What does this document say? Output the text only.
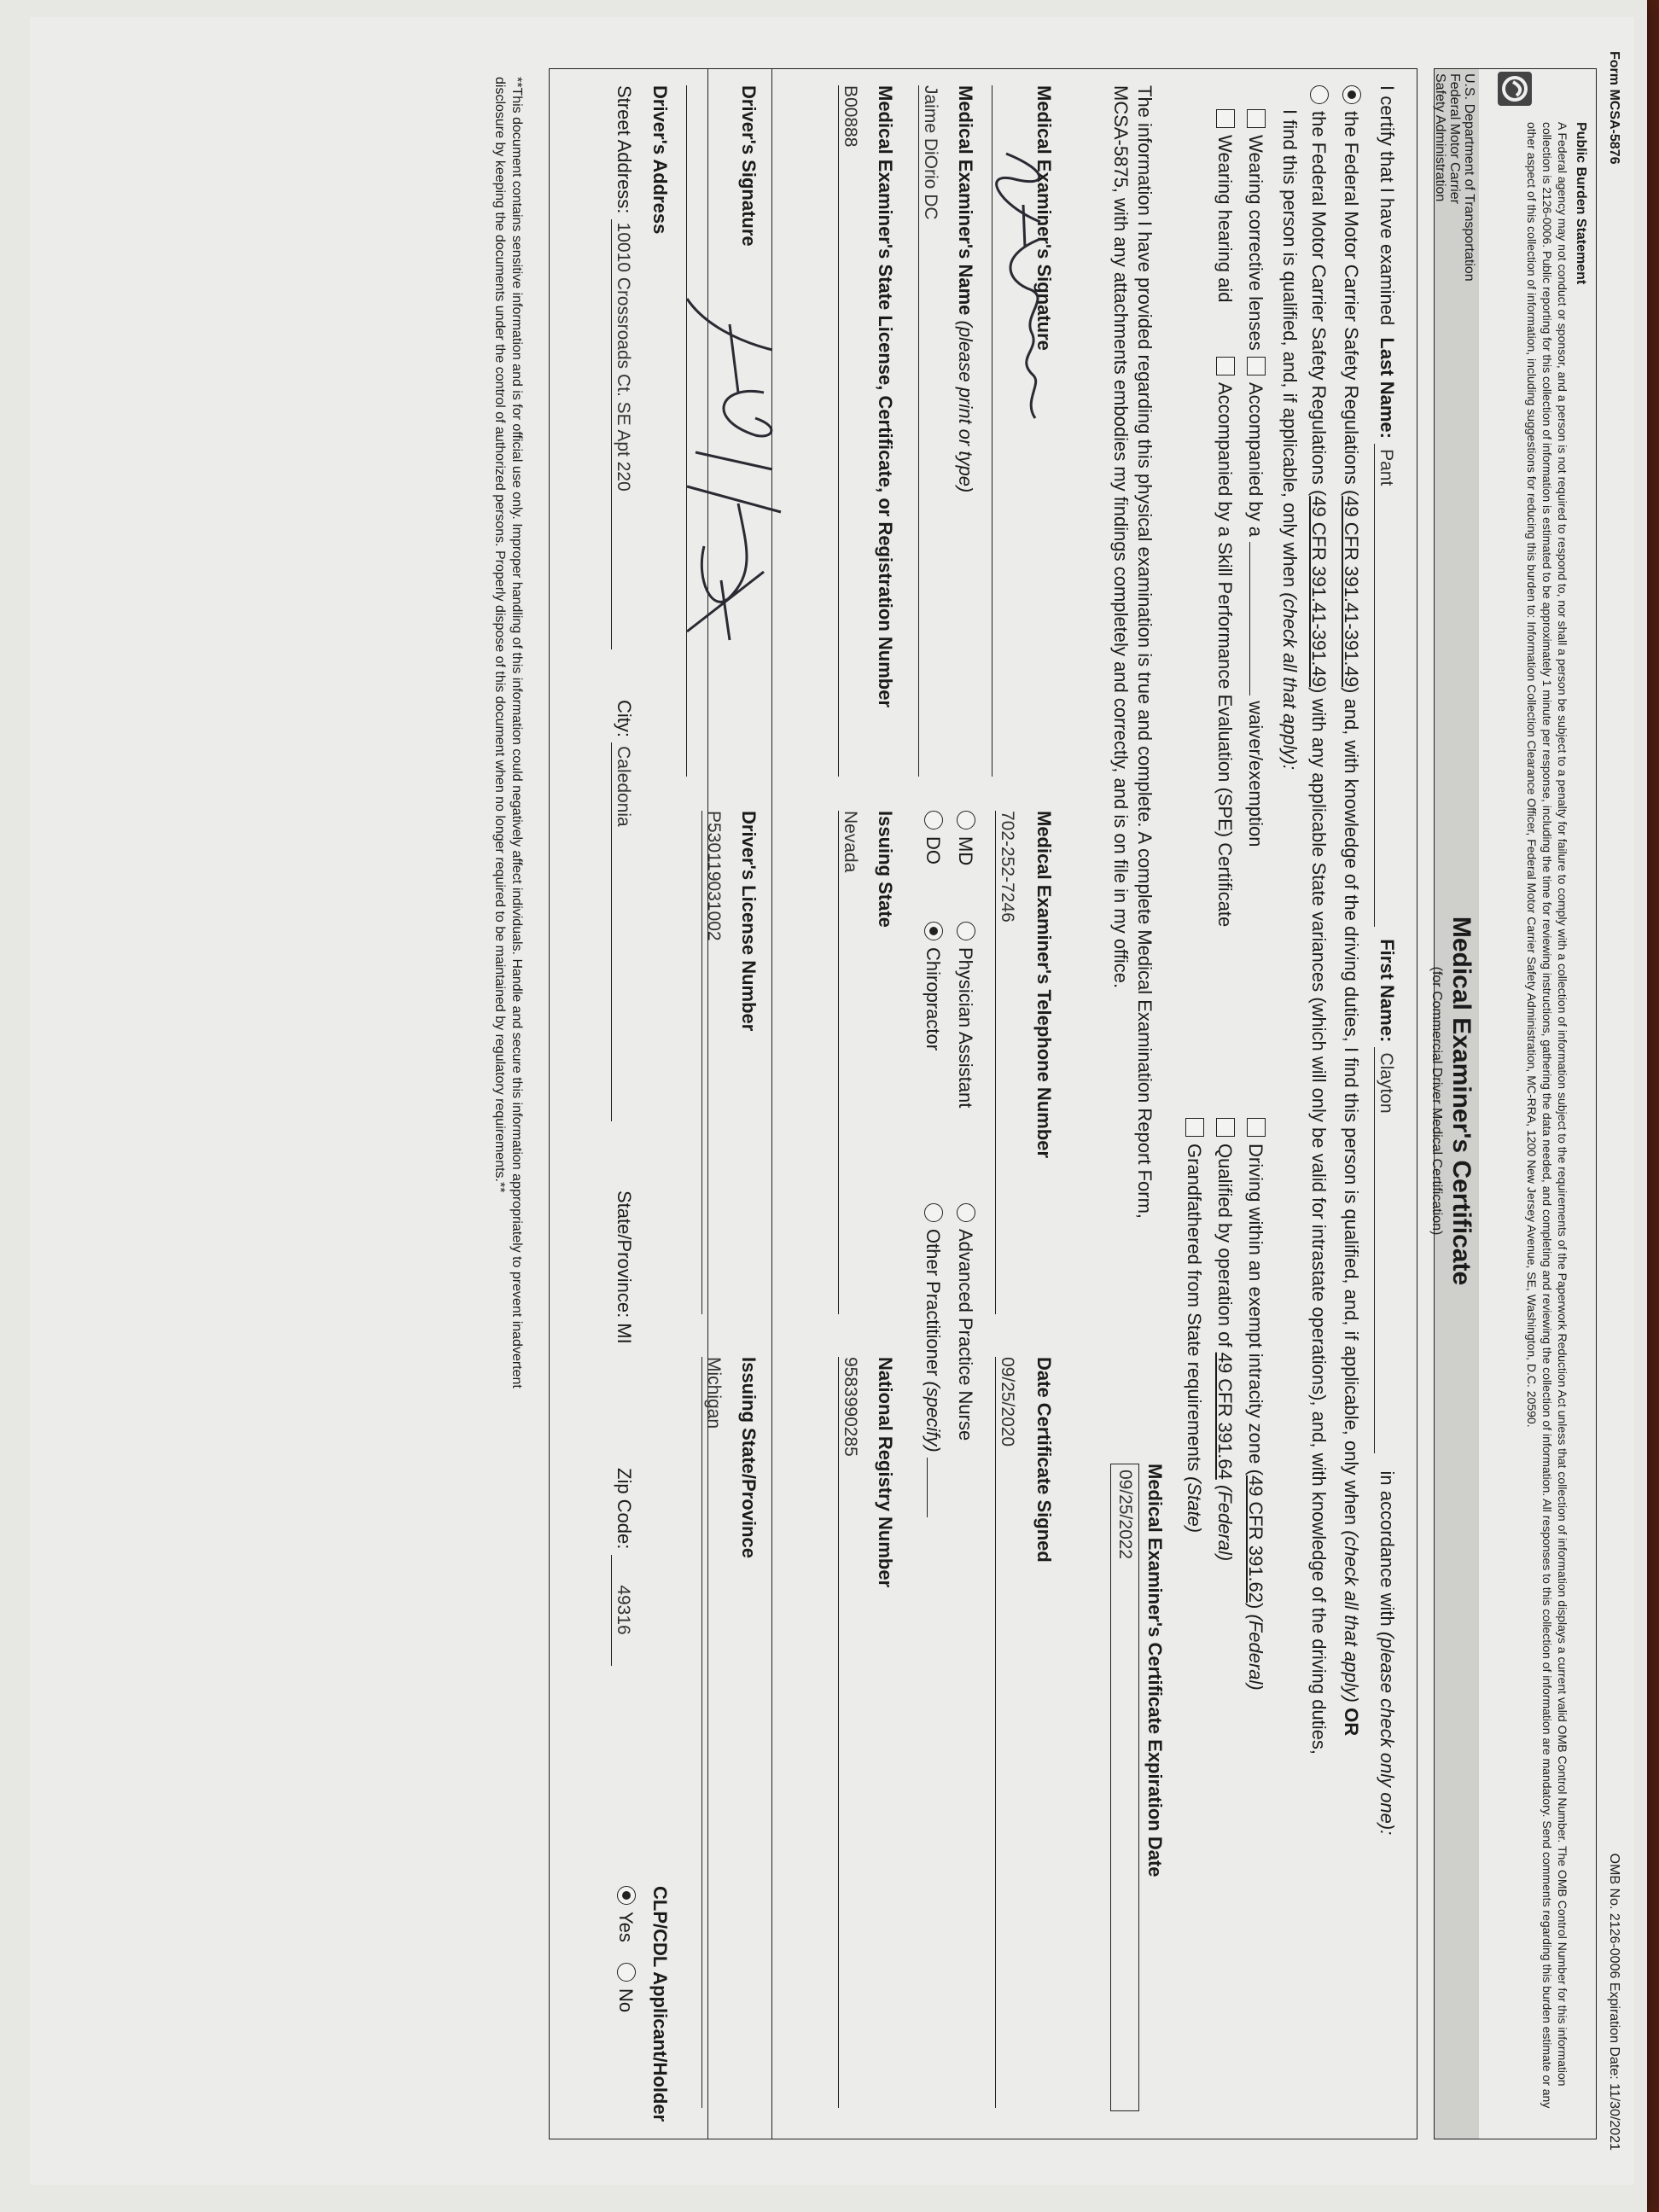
Form MCSA-5876
OMB No. 2126-0006 Expiration Date: 11/30/2021
Public Burden Statement
A Federal agency may not conduct or sponsor, and a person is not required to respond to, nor shall a person be subject to a penalty for failure to comply with a collection of information subject to the requirements of the Paperwork Reduction Act unless that collection of information displays a current valid OMB Control Number. The OMB Control Number for this information collection is 2126-0006. Public reporting for this collection of information is estimated to be approximately 1 minute per response, including the time for reviewing instructions, gathering the data needed, and completing and reviewing the collection of information. All responses to this collection of information are mandatory. Send comments regarding this burden estimate or any other aspect of this collection of information, including suggestions for reducing this burden to: Information Collection Clearance Officer, Federal Motor Carrier Safety Administration, MC-RRA, 1200 New Jersey Avenue, SE, Washington, D.C. 20590.
U.S. Department of Transportation
Federal Motor Carrier
Safety Administration
Medical Examiner's Certificate
(for Commercial Driver Medical Certification)
I certify that I have examined Last Name: Pant First Name: Clayton in accordance with (please check only one):
the Federal Motor Carrier Safety Regulations (49 CFR 391.41-391.49) and, with knowledge of the driving duties, I find this person is qualified, and, if applicable, only when (check all that apply) OR
the Federal Motor Carrier Safety Regulations (49 CFR 391.41-391.49) with any applicable State variances (which will only be valid for intrastate operations), and, with knowledge of the driving duties,
I find this person is qualified, and, if applicable, only when (check all that apply):
Wearing corrective lenses
Wearing hearing aid
Accompanied by a  waiver/exemption
Accompanied by a Skill Performance Evaluation (SPE) Certificate
Driving within an exempt intracity zone (49 CFR 391.62) (Federal)
Qualified by operation of 49 CFR 391.64 (Federal)
Grandfathered from State requirements (State)
The information I have provided regarding this physical examination is true and complete. A complete Medical Examination Report Form,
MCSA-5875, with any attachments embodies my findings completely and correctly, and is on file in my office.
Medical Examiner's Certificate Expiration Date
09/25/2022
Medical Examiner's Signature
Medical Examiner's Telephone Number
702-252-7246
Date Certificate Signed
09/25/2020
Medical Examiner's Name (please print or type)
Jaime DiOrio DC
MD
DO
Physician Assistant
Chiropractor
Advanced Practice Nurse
Other Practitioner (specify)
Medical Examiner's State License, Certificate, or Registration Number
B00888
Issuing State
Nevada
National Registry Number
9583990285
Driver's Signature
Driver's License Number
P530119031002
Issuing State/Province
Michigan
Driver's Address
CLP/CDL Applicant/Holder
Yes No
Street Address: 10010 Crossroads Ct. SE Apt 220
City: Caledonia
State/Province: MI
Zip Code: 49316
**This document contains sensitive information and is for official use only. Improper handling of this information could negatively affect individuals. Handle and secure this information appropriately to prevent inadvertent
disclosure by keeping the documents under the control of authorized persons. Properly dispose of this document when no longer required to be maintained by regulatory requirements.**
